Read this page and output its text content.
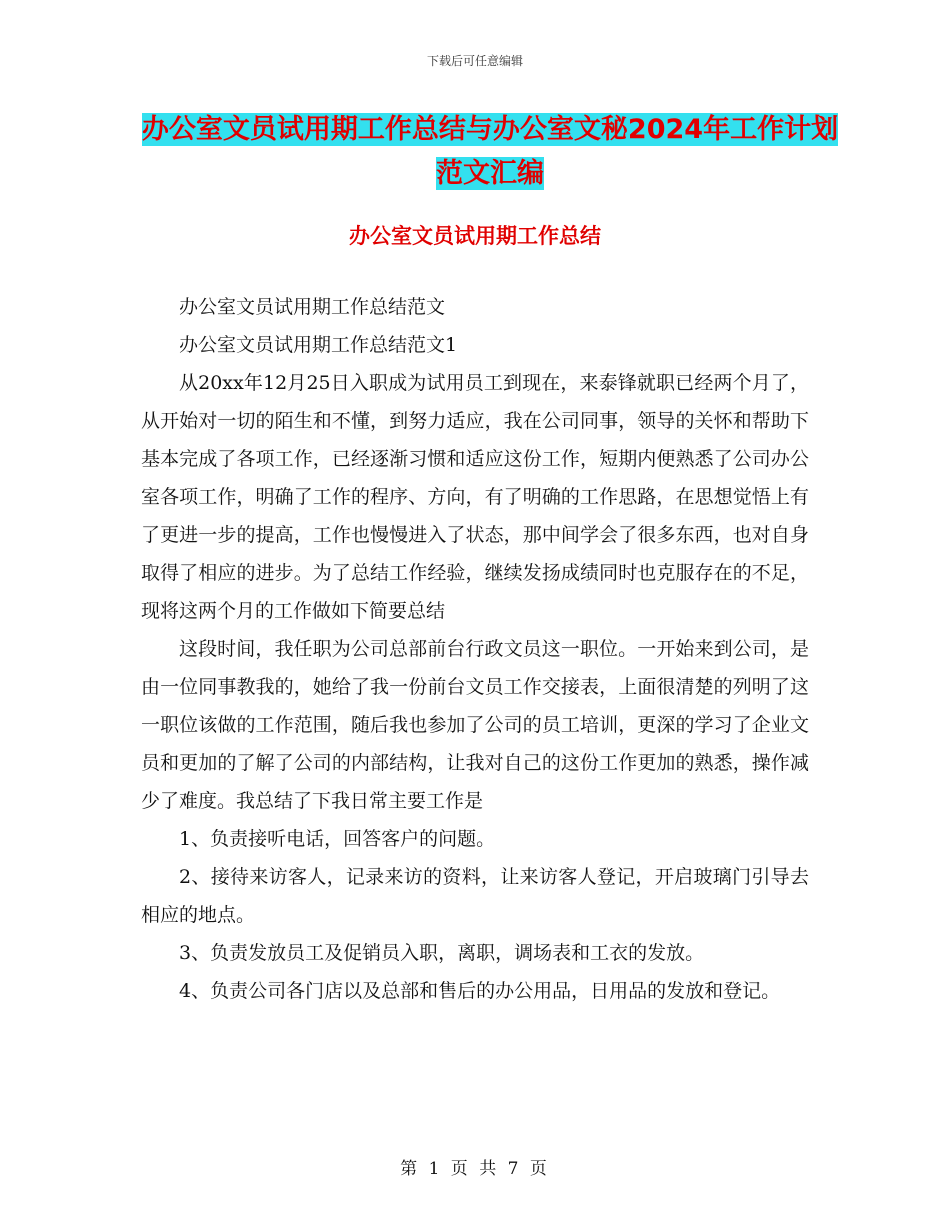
下载后可任意编辑
办公室文员试用期工作总结与办公室文秘2024年工作计划范文汇编
办公室文员试用期工作总结

办公室文员试用期工作总结范文

办公室文员试用期工作总结范文1

从20xx年12月25日入职成为试用员工到现在，来泰锋就职已经两个月了，从开始对一切的陌生和不懂，到努力适应，我在公司同事，领导的关怀和帮助下基本完成了各项工作，已经逐渐习惯和适应这份工作，短期内便熟悉了公司办公室各项工作，明确了工作的程序、方向，有了明确的工作思路，在思想觉悟上有了更进一步的提高，工作也慢慢进入了状态，那中间学会了很多东西，也对自身取得了相应的进步。为了总结工作经验，继续发扬成绩同时也克服存在的不足，现将这两个月的工作做如下简要总结

这段时间，我任职为公司总部前台行政文员这一职位。一开始来到公司，是由一位同事教我的，她给了我一份前台文员工作交接表，上面很清楚的列明了这一职位该做的工作范围，随后我也参加了公司的员工培训，更深的学习了企业文员和更加的了解了公司的内部结构，让我对自己的这份工作更加的熟悉，操作减少了难度。我总结了下我日常主要工作是

1、负责接听电话，回答客户的问题。

2、接待来访客人，记录来访的资料，让来访客人登记，开启玻璃门引导去相应的地点。

3、负责发放员工及促销员入职，离职，调场表和工衣的发放。

4、负责公司各门店以及总部和售后的办公用品，日用品的发放和登记。

第 1 页 共 7 页
